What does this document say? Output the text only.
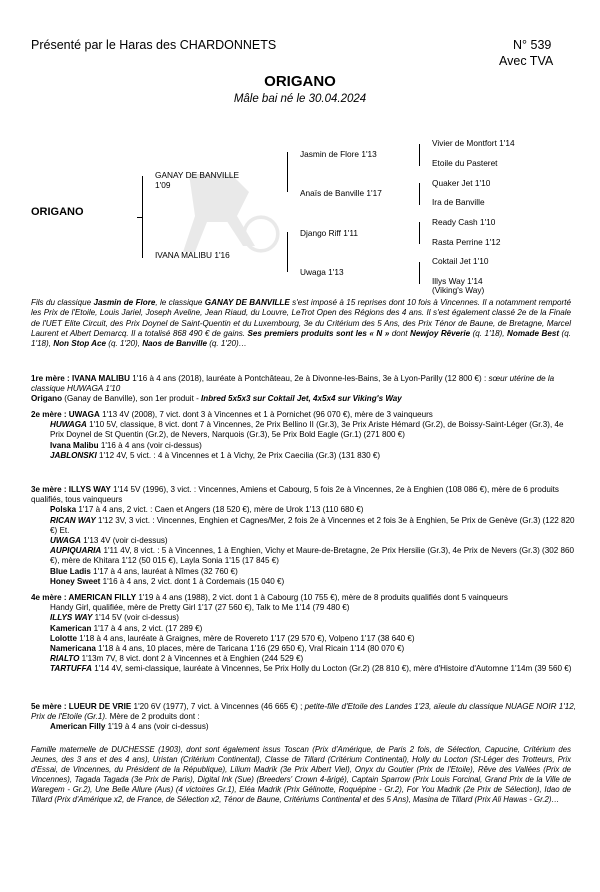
Présenté par le Haras des CHARDONNETS	N° 539
Avec TVA
ORIGANO
Mâle bai né le 30.04.2024
ORIGANO
GANAY DE BANVILLE
1'09
IVANA MALIBU 1'16
Jasmin de Flore 1'13
Anaïs de Banville 1'17
Django Riff 1'11
Uwaga 1'13
Vivier de Montfort 1'14
Etoile du Pasteret
Quaker Jet 1'10
Ira de Banville
Ready Cash 1'10
Rasta Perrine 1'12
Coktail Jet 1'10
Illys Way 1'14
(Viking's Way)
Fils du classique Jasmin de Flore, le classique GANAY DE BANVILLE s'est imposé à 15 reprises dont 10 fois à Vincennes. Il a notamment remporté les Prix de l'Etoile, Louis Jariel, Joseph Aveline, Jean Riaud, du Louvre, LeTrot Open des Régions des 4 ans. Il s'est également classé 2e de la Finale de l'UET Elite Circuit, des Prix Doynel de Saint-Quentin et du Luxembourg, 3e du Critérium des 5 Ans, des Prix Ténor de Baune, de Bretagne, Marcel Laurent et Albert Demarcq. Il a totalisé 868 490 € de gains. Ses premiers produits sont les « N » dont Newjoy Rêverie (q. 1'18), Nomade Best (q. 1'18), Non Stop Ace (q. 1'20), Naos de Banville (q. 1'20)…

1re mère : IVANA MALIBU 1'16 à 4 ans (2018), lauréate à Pontchâteau, 2e à Divonne-les-Bains, 3e à Lyon-Parilly (12 800 €) : sœur utérine de la classique HUWAGA 1'10

Origano (Ganay de Banville), son 1er produit - Inbred 5x5x3 sur Coktail Jet, 4x5x4 sur Viking's Way

2e mère : UWAGA 1'13 4V (2008), 7 vict. dont 3 à Vincennes et 1 à Pornichet (96 070 €), mère de 3 vainqueurs

HUWAGA 1'10 5V, classique, 8 vict. dont 7 à Vincennes, 2e Prix Bellino II (Gr.3), 3e Prix Ariste Hémard (Gr.2), de Boissy-Saint-Léger (Gr.3), 4e Prix Doynel de St Quentin (Gr.2), de Nevers, Narquois (Gr.3), 5e Prix Bold Eagle (Gr.1) (271 800 €)

Ivana Malibu 1'16 à 4 ans (voir ci-dessus)

JABLONSKI 1'12 4V, 5 vict. : 4 à Vincennes et 1 à Vichy, 2e Prix Caecilia (Gr.3) (131 830 €)

3e mère : ILLYS WAY 1'14 5V (1996), 3 vict. : Vincennes, Amiens et Cabourg, 5 fois 2e à Vincennes, 2e à Enghien (108 086 €), mère de 6 produits qualifiés, tous vainqueurs

Polska 1'17 à 4 ans, 2 vict. : Caen et Angers (18 520 €), mère de Urok 1'13 (110 680 €)

RICAN WAY 1'12 3V, 3 vict. : Vincennes, Enghien et Cagnes/Mer, 2 fois 2e à Vincennes et 2 fois 3e à Enghien, 5e Prix de Genève (Gr.3) (122 820 €) Et.

UWAGA 1'13 4V (voir ci-dessus)

AUPIQUARIA 1'11 4V, 8 vict. : 5 à Vincennes, 1 à Enghien, Vichy et Maure-de-Bretagne, 2e Prix Hersilie (Gr.3), 4e Prix de Nevers (Gr.3) (302 860 €), mère de Khitara 1'12 (50 015 €), Layla Sonia 1'15 (17 845 €)

Blue Ladis 1'17 à 4 ans, lauréat à Nîmes (32 760 €)

Honey Sweet 1'16 à 4 ans, 2 vict. dont 1 à Cordemais (15 040 €)

4e mère : AMERICAN FILLY 1'19 à 4 ans (1988), 2 vict. dont 1 à Cabourg (10 755 €), mère de 8 produits qualifiés dont 5 vainqueurs

Handy Girl, qualifiée, mère de Pretty Girl 1'17 (27 560 €), Talk to Me 1'14 (79 480 €)

ILLYS WAY 1'14 5V (voir ci-dessus)

Kamerican 1'17 à 4 ans, 2 vict. (17 289 €)

Lolotte 1'18 à 4 ans, lauréate à Graignes, mère de Rovereto 1'17 (29 570 €), Volpeno 1'17 (38 640 €)

Namericana 1'18 à 4 ans, 10 places, mère de Taricana 1'16 (29 650 €), Vral Ricain 1'14 (80 070 €)

RIALTO 1'13m 7V, 8 vict. dont 2 à Vincennes et à Enghien (244 529 €)

TARTUFFA 1'14 4V, semi-classique, lauréate à Vincennes, 5e Prix Holly du Locton (Gr.2) (28 810 €), mère d'Histoire d'Automne 1'14m (39 560 €)

5e mère : LUEUR DE VRIE 1'20 6V (1977), 7 vict. à Vincennes (46 665 €) ; petite-fille d'Etoile des Landes 1'23, aïeule du classique NUAGE NOIR 1'12, Prix de l'Etoile (Gr.1). Mère de 2 produits dont :

American Filly 1'19 à 4 ans (voir ci-dessus)

Famille maternelle de DUCHESSE (1903), dont sont également issus Toscan (Prix d'Amérique, de Paris 2 fois, de Sélection, Capucine, Critérium des Jeunes, des 3 ans et des 4 ans), Uristan (Critérium Continental), Classe de Tillard (Critérium Continental), Holly du Locton (St-Léger des Trotteurs, Prix d'Essai, de Vincennes, du Président de la République), Lilium Madrik (3e Prix Albert Viel), Onyx du Goutier (Prix de l'Etoile), Rêve des Vallées (Prix de Vincennes), Tagada Tagada (3e Prix de Paris), Digital Ink (Sue) (Breeders' Crown 4-ârigé), Captain Sparrow (Prix Louis Forcinal, Grand Prix de la Ville de Waregem - Gr.2), Une Belle Allure (Aus) (4 victoires Gr.1), Eléa Madrik (Prix Gélinotte, Roquépine - Gr.2), For You Madrik (2e Prix de Sélection), Idao de Tillard (Prix d'Amérique x2, de France, de Sélection x2, Ténor de Baune, Critériums Continental et des 5 Ans), Masina de Tillard (Prix Ali Hawas - Gr.2)…
